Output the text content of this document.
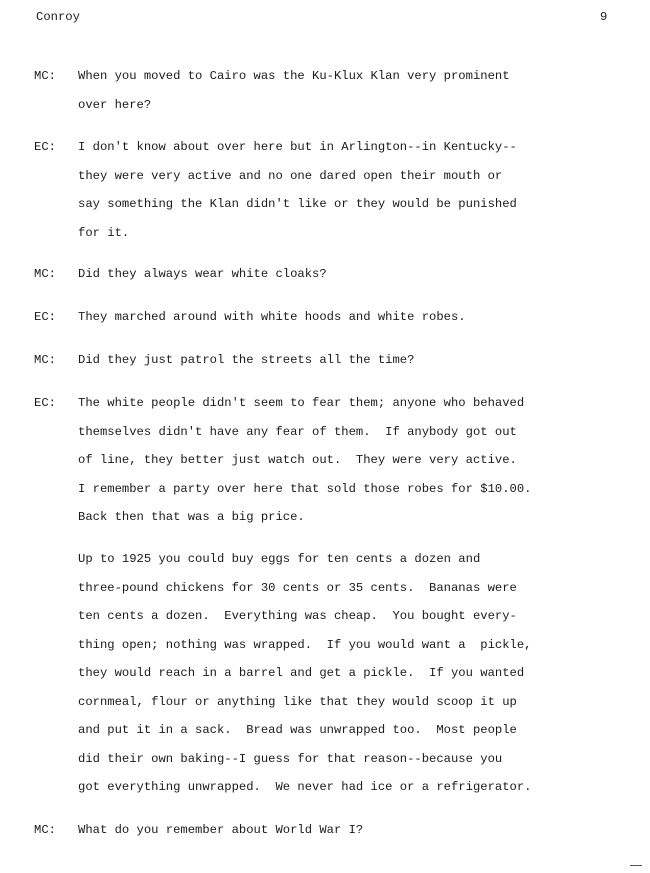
Conroy	9
MC: When you moved to Cairo was the Ku-Klux Klan very prominent
over here?
EC: I don't know about over here but in Arlington--in Kentucky--
they were very active and no one dared open their mouth or
say something the Klan didn't like or they would be punished
for it.
MC: Did they always wear white cloaks?
EC: They marched around with white hoods and white robes.
MC: Did they just patrol the streets all the time?
EC: The white people didn't seem to fear them; anyone who behaved
themselves didn't have any fear of them.  If anybody got out
of line, they better just watch out.  They were very active.
I remember a party over here that sold those robes for $10.00.
Back then that was a big price.
Up to 1925 you could buy eggs for ten cents a dozen and
three-pound chickens for 30 cents or 35 cents.  Bananas were
ten cents a dozen.  Everything was cheap.  You bought every-
thing open; nothing was wrapped.  If you would want a  pickle,
they would reach in a barrel and get a pickle.  If you wanted
cornmeal, flour or anything like that they would scoop it up
and put it in a sack.  Bread was unwrapped too.  Most people
did their own baking--I guess for that reason--because you
got everything unwrapped.  We never had ice or a refrigerator.
MC: What do you remember about World War I?
